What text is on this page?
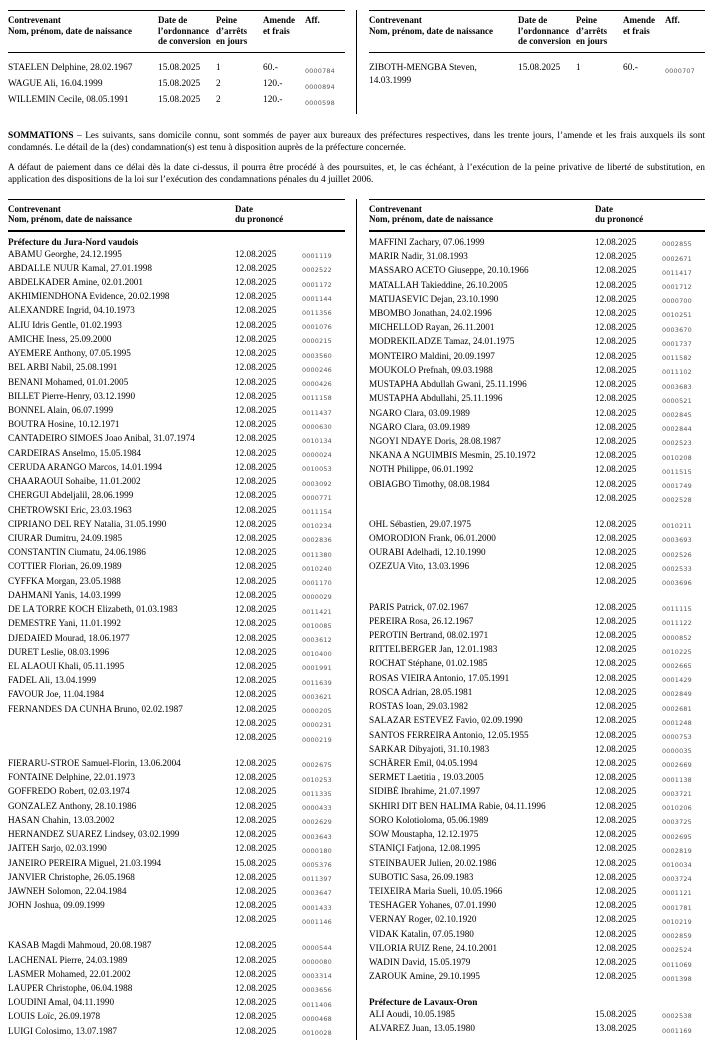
Contrevenant
Nom, prénom, date de naissance
Date de
l’ordonnance
de conversion
Peine
d’arrêts
en jours
Amende
et frais
Aff.
STAELEN Delphine, 28.02.1967	15.08.2025	1	60.-	0000784
WAGUE Ali, 16.04.1999	15.08.2025	2	120.-	0000894
WILLEMIN Cecile, 08.05.1991	15.08.2025	2	120.-	0000598
Contrevenant
Nom, prénom, date de naissance
Date de
l’ordonnance
de conversion
Peine
d’arrêts
en jours
Amende
et frais
Aff.
ZIBOTH-MENGBA Steven,
14.03.1999
15.08.2025	1	60.-	0000707

SOMMATIONS – Les suivants, sans domicile connu, sont sommés de payer aux bureaux des préfectures respectives, dans les trente jours, l’amende et les frais auxquels ils sont condamnés. Le détail de la (des) condamnation(s) est tenu à disposition auprès de la préfecture concernée.

A défaut de paiement dans ce délai dès la date ci-dessus, il pourra être procédé à des poursuites, et, le cas échéant, à l’exécution de la peine privative de liberté de substitution, en application des dispositions de la loi sur l’exécution des condamnations pénales du 4 juillet 2006.

Contrevenant
Nom, prénom, date de naissance
Date
du prononcé
Préfecture du Jura-Nord vaudois
ABAMU Georghe, 24.12.1995	12.08.2025	0001119
ABDALLE NUUR Kamal, 27.01.1998	12.08.2025	0002522
ABDELKADER Amine, 02.01.2001	12.08.2025	0001172
AKHIMIENDHONA Evidence, 20.02.1998	12.08.2025	0001144
ALEXANDRE Ingrid, 04.10.1973	12.08.2025	0011356
ALIU Idris Gentle, 01.02.1993	12.08.2025	0001076
AMICHE Iness, 25.09.2000	12.08.2025	0000215
AYEMERE Anthony, 07.05.1995	12.08.2025	0003560
BEL ARBI Nabil, 25.08.1991	12.08.2025	0000246
BENANI Mohamed, 01.01.2005	12.08.2025	0000426
BILLET Pierre-Henry, 03.12.1990	12.08.2025	0011158
BONNEL Alain, 06.07.1999	12.08.2025	0011437
BOUTRA Hosine, 10.12.1971	12.08.2025	0000630
CANTADEIRO SIMOES Joao Anibal, 31.07.1974	12.08.2025	0010134
CARDEIRAS Anselmo, 15.05.1984	12.08.2025	0000024
CERUDA ARANGO Marcos, 14.01.1994	12.08.2025	0010053
CHAARAOUI Sohaibe, 11.01.2002	12.08.2025	0003092
CHERGUI Abdeljalil, 28.06.1999	12.08.2025	0000771
CHETROWSKI Eric, 23.03.1963	12.08.2025	0011154
CIPRIANO DEL REY Natalia, 31.05.1990	12.08.2025	0010234
CIURAR Dumitru, 24.09.1985	12.08.2025	0002836
CONSTANTIN Ciumatu, 24.06.1986	12.08.2025	0011380
COTTIER Florian, 26.09.1989	12.08.2025	0010240
CYFFKA Morgan, 23.05.1988	12.08.2025	0001170
DAHMANI Yanis, 14.03.1999	12.08.2025	0000029
DE LA TORRE KOCH Elizabeth, 01.03.1983	12.08.2025	0011421
DEMESTRE Yani, 11.01.1992	12.08.2025	0010085
DJEDAIED Mourad, 18.06.1977	12.08.2025	0003612
DURET Leslie, 08.03.1996	12.08.2025	0010400
EL ALAOUI Khali, 05.11.1995	12.08.2025	0001991
FADEL Ali, 13.04.1999	12.08.2025	0011639
FAVOUR Joe, 11.04.1984	12.08.2025	0003621
FERNANDES DA CUNHA Bruno, 02.02.1987	12.08.2025	0000205
12.08.2025	0000231
12.08.2025	0000219
FIERARU-STROE Samuel-Florin, 13.06.2004	12.08.2025	0002675
FONTAINE Delphine, 22.01.1973	12.08.2025	0010253
GOFFREDO Robert, 02.03.1974	12.08.2025	0011335
GONZALEZ Anthony, 28.10.1986	12.08.2025	0000433
HASAN Chahin, 13.03.2002	12.08.2025	0002629
HERNANDEZ SUAREZ Lindsey, 03.02.1999	12.08.2025	0003643
JAITEH Sarjo, 02.03.1990	12.08.2025	0000180
JANEIRO PEREIRA Miguel, 21.03.1994	15.08.2025	0005376
JANVIER Christophe, 26.05.1968	12.08.2025	0011397
JAWNEH Solomon, 22.04.1984	12.08.2025	0003647
JOHN Joshua, 09.09.1999	12.08.2025	0001433
12.08.2025	0001146
KASAB Magdi Mahmoud, 20.08.1987	12.08.2025	0000544
LACHENAL Pierre, 24.03.1989	12.08.2025	0000080
LASMER Mohamed, 22.01.2002	12.08.2025	0003314
LAUPER Christophe, 06.04.1988	12.08.2025	0003656
LOUDINI Amal, 04.11.1990	12.08.2025	0011406
LOUIS Loïc, 26.09.1978	12.08.2025	0000468
LUIGI Colosimo, 13.07.1987	12.08.2025	0010028
Contrevenant
Nom, prénom, date de naissance
Date
du prononcé
MAFFINI Zachary, 07.06.1999	12.08.2025	0002855
MARIR Nadir, 31.08.1993	12.08.2025	0002671
MASSARO ACETO Giuseppe, 20.10.1966	12.08.2025	0011417
MATALLAH Takieddine, 26.10.2005	12.08.2025	0001712
MATIJASEVIC Dejan, 23.10.1990	12.08.2025	0000700
MBOMBO Jonathan, 24.02.1996	12.08.2025	0010251
MICHELLOD Rayan, 26.11.2001	12.08.2025	0003670
MODREKILADZE Tamaz, 24.01.1975	12.08.2025	0001737
MONTEIRO Maldini, 20.09.1997	12.08.2025	0011582
MOUKOLO Prefnah, 09.03.1988	12.08.2025	0011102
MUSTAPHA Abdullah Gwani, 25.11.1996	12.08.2025	0003683
MUSTAPHA Abdullahi, 25.11.1996	12.08.2025	0000521
NGARO Clara, 03.09.1989	12.08.2025	0002845
NGARO Clara, 03.09.1989	12.08.2025	0002844
NGOYI NDAYE Doris, 28.08.1987	12.08.2025	0002523
NKANA A NGUIMBIS Mesmin, 25.10.1972	12.08.2025	0010208
NOTH Philippe, 06.01.1992	12.08.2025	0011515
OBIAGBO Timothy, 08.08.1984	12.08.2025	0001749
12.08.2025	0002528
OHL Sébastien, 29.07.1975	12.08.2025	0010211
OMORODION Frank, 06.01.2000	12.08.2025	0003693
OURABI Adelhadi, 12.10.1990	12.08.2025	0002526
OZEZUA Vito, 13.03.1996	12.08.2025	0002533
12.08.2025	0003696
PARIS Patrick, 07.02.1967	12.08.2025	0011115
PEREIRA Rosa, 26.12.1967	12.08.2025	0011122
PEROTIN Bertrand, 08.02.1971	12.08.2025	0000852
RITTELBERGER Jan, 12.01.1983	12.08.2025	0010225
ROCHAT Stéphane, 01.02.1985	12.08.2025	0002665
ROSAS VIEIRA Antonio, 17.05.1991	12.08.2025	0001429
ROSCA Adrian, 28.05.1981	12.08.2025	0002849
ROSTAS Ioan, 29.03.1982	12.08.2025	0002681
SALAZAR ESTEVEZ Favio, 02.09.1990	12.08.2025	0001248
SANTOS FERREIRA Antonio, 12.05.1955	12.08.2025	0000753
SARKAR Dibyajoti, 31.10.1983	12.08.2025	0000035
SCHÄRER Emil, 04.05.1994	12.08.2025	0002669
SERMET Laetitia , 19.03.2005	12.08.2025	0001138
SIDIBÉ Ibrahime, 21.07.1997	12.08.2025	0003721
SKHIRI DIT BEN HALIMA Rabie, 04.11.1996	12.08.2025	0010206
SORO Kolotioloma, 05.06.1989	12.08.2025	0003725
SOW Moustapha, 12.12.1975	12.08.2025	0002695
STANIÇI Fatjona, 12.08.1995	12.08.2025	0002819
STEINBAUER Julien, 20.02.1986	12.08.2025	0010034
SUBOTIC Sasa, 26.09.1983	12.08.2025	0003724
TEIXEIRA Maria Sueli, 10.05.1966	12.08.2025	0001121
TESHAGER Yohanes, 07.01.1990	12.08.2025	0001781
VERNAY Roger, 02.10.1920	12.08.2025	0010219
VIDAK Katalin, 07.05.1980	12.08.2025	0002859
VILORIA RUIZ Rene, 24.10.2001	12.08.2025	0002524
WADIN David, 15.05.1979	12.08.2025	0011069
ZAROUK Amine, 29.10.1995	12.08.2025	0001398
Préfecture de Lavaux-Oron
ALI Aoudi, 10.05.1985	15.08.2025	0002538
ALVAREZ Juan, 13.05.1980	13.08.2025	0001169
